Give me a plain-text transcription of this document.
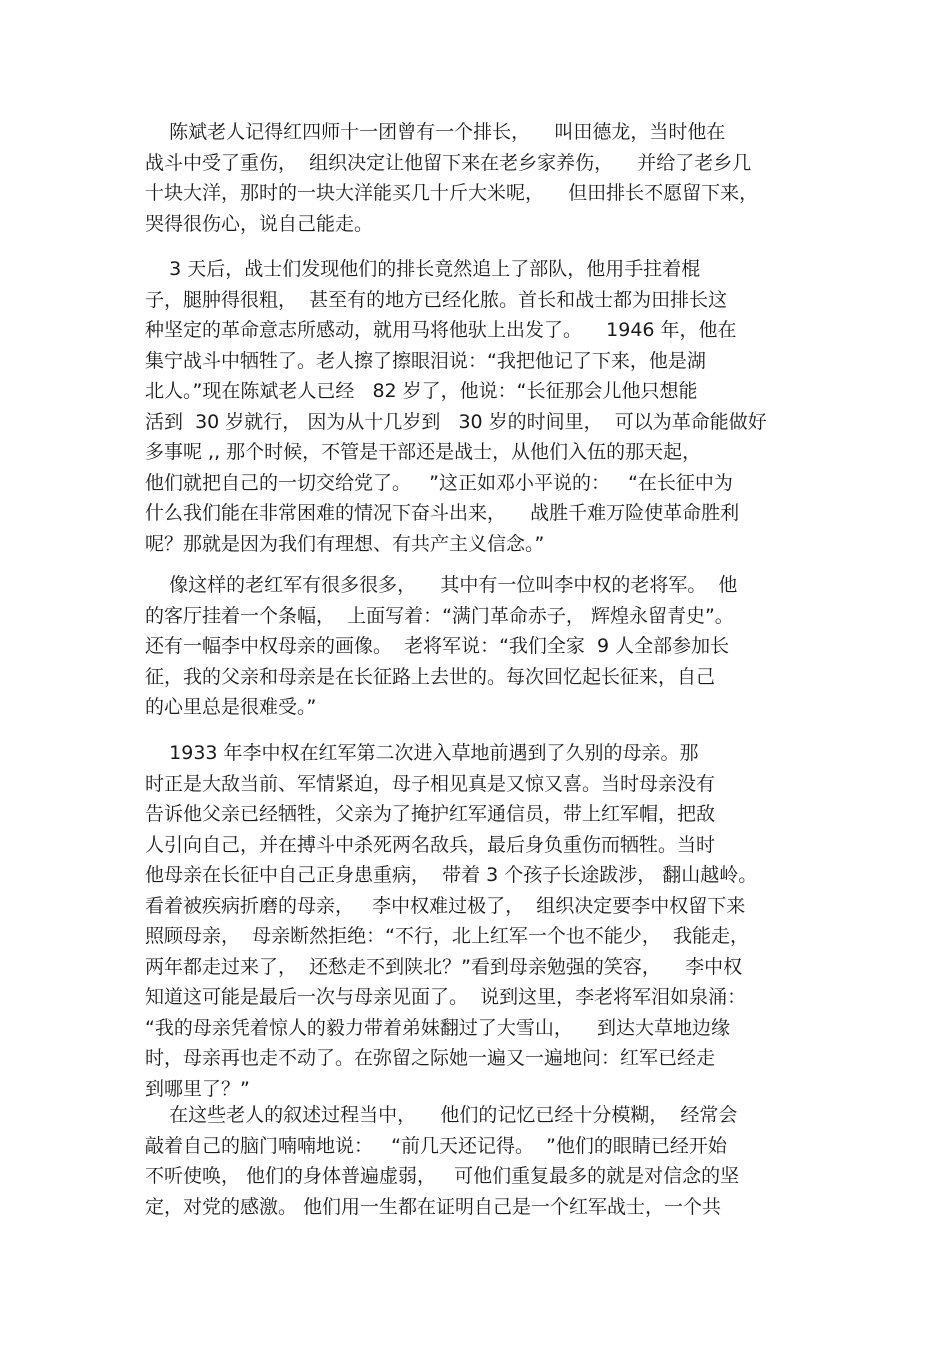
陈斌老人记得红四师十一团曾有一个排长，    叫田德龙，当时他在
战斗中受了重伤，  组织决定让他留下来在老乡家养伤，    并给了老乡几
十块大洋，那时的一块大洋能买几十斤大米呢，    但田排长不愿留下来，
哭得很伤心，说自己能走。
3 天后，战士们发现他们的排长竟然追上了部队，他用手拄着棍
子，腿肿得很粗，  甚至有的地方已经化脓。首长和战士都为田排长这
种坚定的革命意志所感动，就用马将他驮上出发了。    1946 年，他在
集宁战斗中牺牲了。老人擦了擦眼泪说：“我把他记了下来，他是湖
北人。”现在陈斌老人已经   82 岁了，他说：“长征那会儿他只想能
活到  30 岁就行， 因为从十几岁到   30 岁的时间里，  可以为革命能做好
多事呢 ,, 那个时候，不管是干部还是战士，从他们入伍的那天起，
他们就把自己的一切交给党了。   ”这正如邓小平说的：   “在长征中为
什么我们能在非常困难的情况下奋斗出来，    战胜千难万险使革命胜利
呢？那就是因为我们有理想、有共产主义信念。”
像这样的老红军有很多很多，    其中有一位叫李中权的老将军。  他
的客厅挂着一个条幅，  上面写着：“满门革命赤子， 辉煌永留青史”。
还有一幅李中权母亲的画像。  老将军说：“我们全家  9 人全部参加长
征，我的父亲和母亲是在长征路上去世的。每次回忆起长征来，自己
的心里总是很难受。”
1933 年李中权在红军第二次进入草地前遇到了久别的母亲。那
时正是大敌当前、军情紧迫，母子相见真是又惊又喜。当时母亲没有
告诉他父亲已经牺牲，父亲为了掩护红军通信员，带上红军帽，把敌
人引向自己，并在搏斗中杀死两名敌兵，最后身负重伤而牺牲。当时
他母亲在长征中自己正身患重病，  带着 3 个孩子长途跋涉， 翻山越岭。
看着被疾病折磨的母亲，   李中权难过极了，  组织决定要李中权留下来
照顾母亲，  母亲断然拒绝：“不行，北上红军一个也不能少，  我能走，
两年都走过来了，  还愁走不到陕北？”看到母亲勉强的笑容，    李中权
知道这可能是最后一次与母亲见面了。  说到这里，李老将军泪如泉涌：
“我的母亲凭着惊人的毅力带着弟妹翻过了大雪山，    到达大草地边缘
时，母亲再也走不动了。在弥留之际她一遍又一遍地问：红军已经走
到哪里了？”
在这些老人的叙述过程当中，    他们的记忆已经十分模糊，  经常会
敲着自己的脑门喃喃地说：   “前几天还记得。  ”他们的眼睛已经开始
不听使唤， 他们的身体普遍虚弱，   可他们重复最多的就是对信念的坚
定，对党的感激。 他们用一生都在证明自己是一个红军战士，一个共
